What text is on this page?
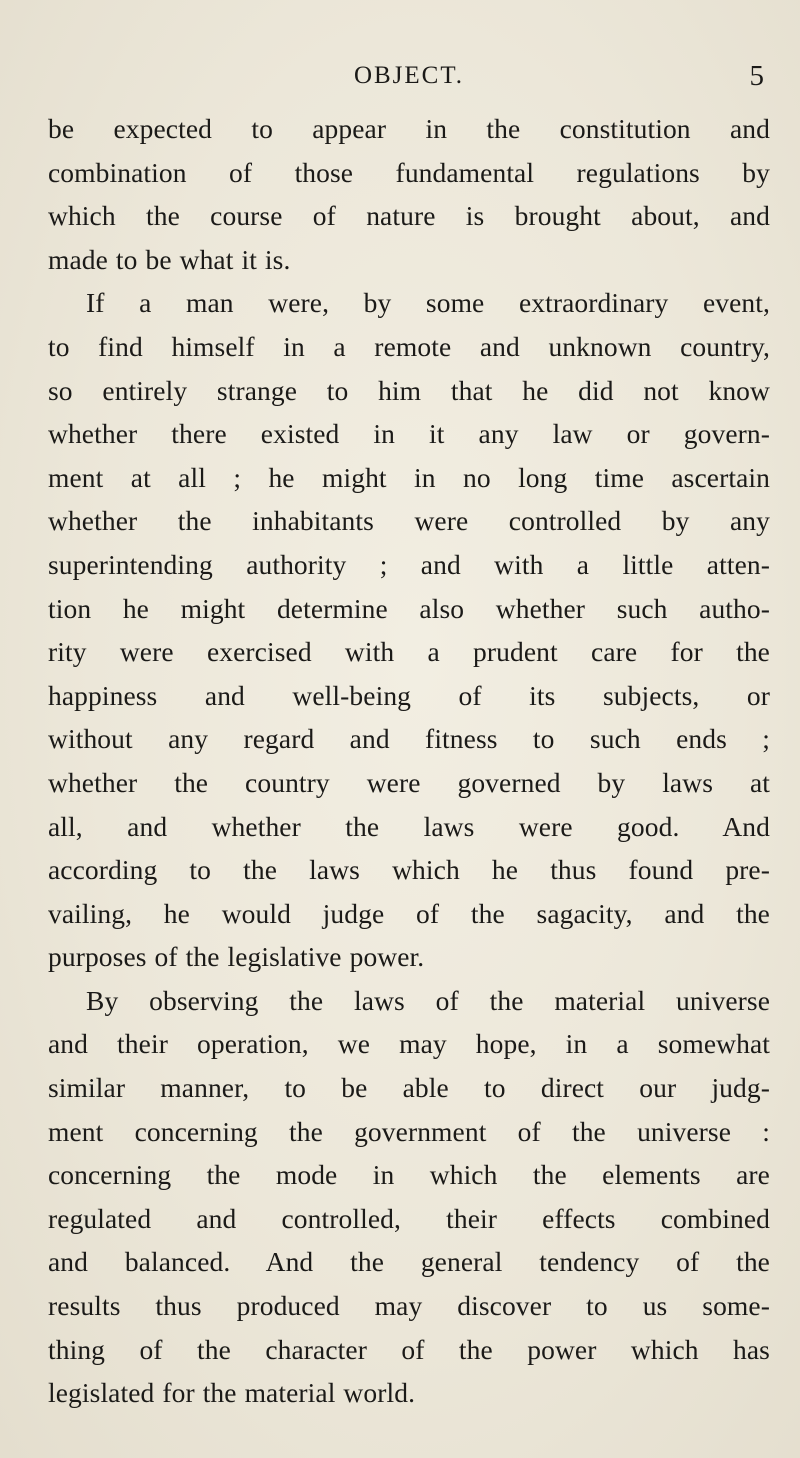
OBJECT.	5
be expected to appear in the constitution and
combination of those fundamental regulations by
which the course of nature is brought about, and
made to be what it is.
If a man were, by some extraordinary event,
to find himself in a remote and unknown country,
so entirely strange to him that he did not know
whether there existed in it any law or govern-
ment at all ; he might in no long time ascertain
whether the inhabitants were controlled by any
superintending authority ; and with a little atten-
tion he might determine also whether such autho-
rity were exercised with a prudent care for the
happiness and well-being of its subjects, or
without any regard and fitness to such ends ;
whether the country were governed by laws at
all, and whether the laws were good. And
according to the laws which he thus found pre-
vailing, he would judge of the sagacity, and the
purposes of the legislative power.
By observing the laws of the material universe
and their operation, we may hope, in a somewhat
similar manner, to be able to direct our judg-
ment concerning the government of the universe :
concerning the mode in which the elements are
regulated and controlled, their effects combined
and balanced. And the general tendency of the
results thus produced may discover to us some-
thing of the character of the power which has
legislated for the material world.
